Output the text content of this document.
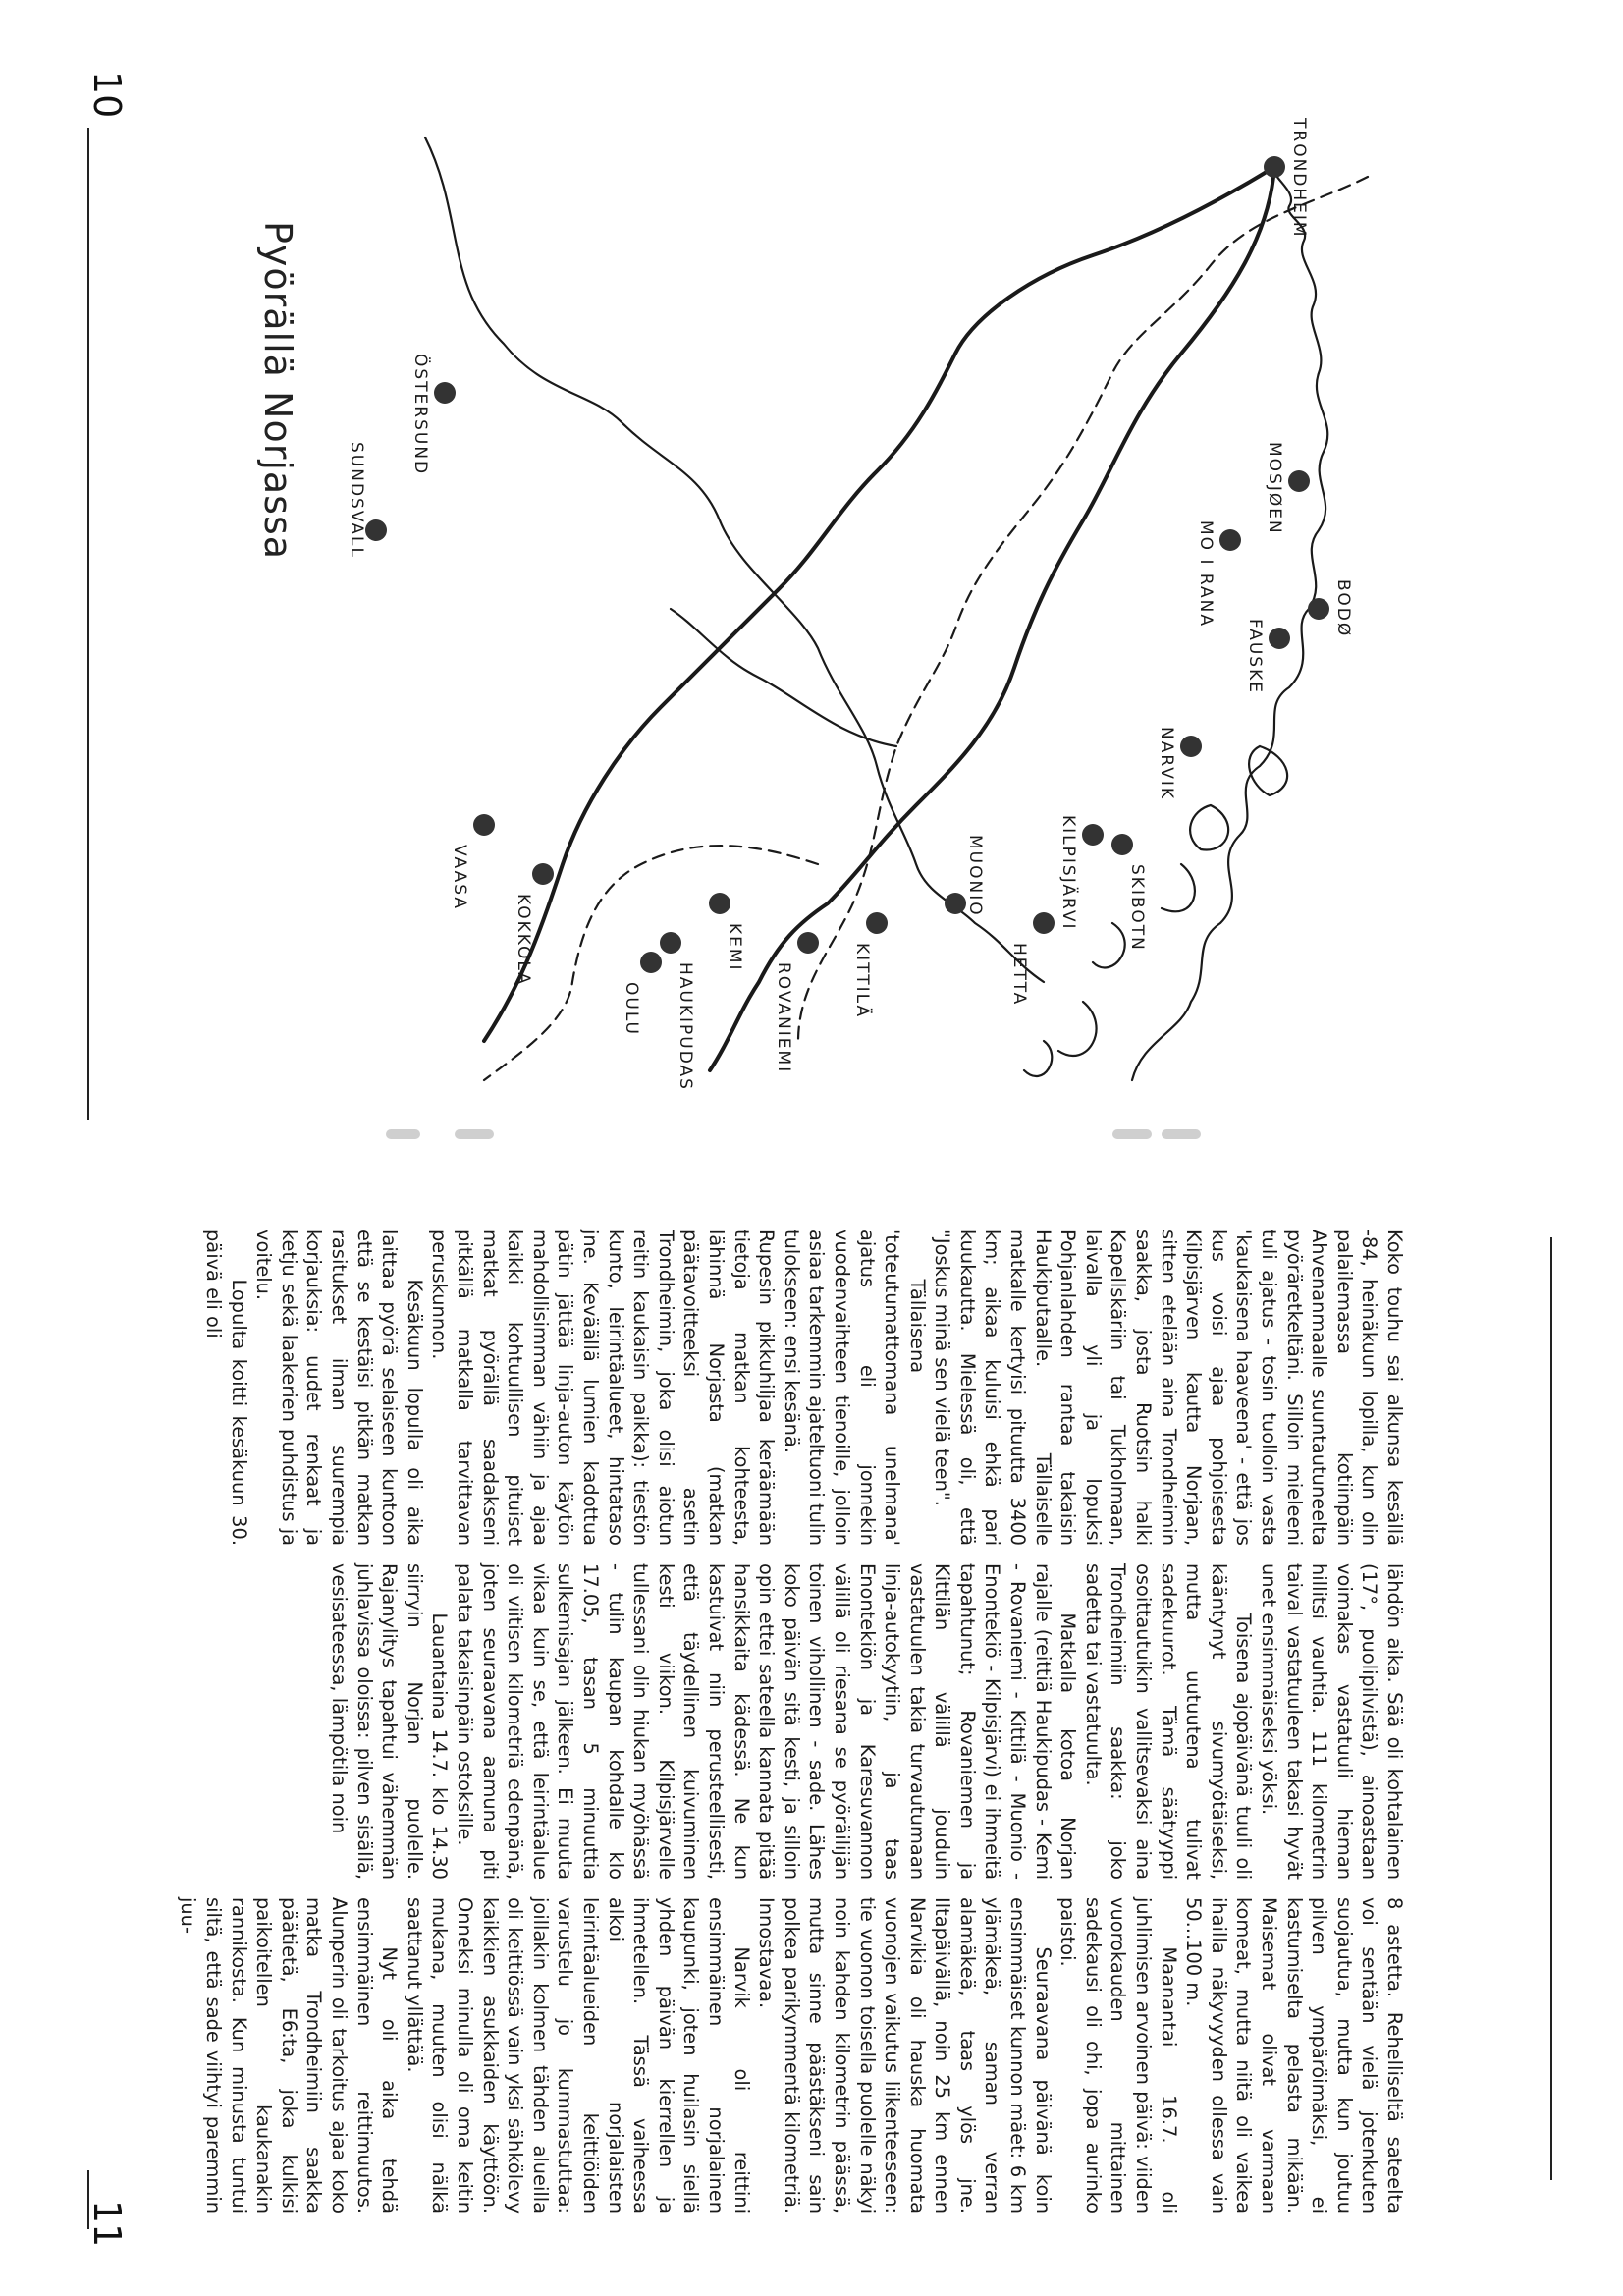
10
Pyörällä Norjassa
TRONDHEIM
MOSJØEN
MO I RANA	BODØ
FAUSKE
NARVIK
SKIBOTN
KILPISJÄRVI
HETTA
MUONIO
KITTILÄ
ROVANIEMI
KEMI
HAUKIPUDAS
OULU
KOKKOLA
VAASA
SUNDSVALL
ÖSTERSUND
11

Koko touhu sai alkunsa kesällä -84, heinäkuun lopilla, kun olin palailemassa kotiinpäin Ahvenanmaalle suuntautuneelta pyöräretkeltäni. Silloin mieleeni tuli ajatus - tosin tuolloin vasta 'kaukaisena haaveena' - että jos kus voisi ajaa pohjoisesta Kilpisjärven kautta Norjaan, sitten etelään aina Trondheimin saakka, josta Ruotsin halki Kapellskäriin tai Tukholmaan, laivalla yli ja lopuksi Pohjanlahden rantaa takaisin Haukiputaalle. Tällaiselle matkalle kertyisi pituutta 3400 km; aikaa kuluisi ehkä pari kuukautta. Mielessä oli, että "Joskus minä sen vielä teen".

Tällaisena 'toteutumattomana unelmana' ajatus eli jonnekin vuodenvaihteen tienoille, jolloin asiaa tarkemmin ajateltuoni tulin tulokseen: ensi kesänä.

Rupesin pikkuhiljaa keräämään tietoja matkan kohteesta, lähinnä Norjasta (matkan päätavoitteeksi asetin Trondheimin, joka olisi aiotun reitin kaukaisin paikka): tiestön kunto, leirintäalueet, hintataso jne. Keväällä lumien kadottua pätin jättää linja-auton käytön mahdollisimman vähiin ja ajaa kaikki kohtuullisen pituiset matkat pyörällä saadakseni pitkällä matkalla tarvittavan peruskunnon.

Kesäkuun lopulla oli aika laittaa pyörä selaiseen kuntoon että se kestäisi pitkän matkan rasitukset ilman suurempia korjauksia: uudet renkaat ja ketju sekä laakerien puhdistus ja voitelu.

Lopulta koitti kesäkuun 30. päivä eli oli

lähdön aika. Sää oli kohtalainen (17°, puolipilvistä), ainoastaan voimakas vastatuuli hieman hillitsi vauhtia. 111 kilometrin taival vastatuuleen takasi hyvät unet ensimmäiseksi yöksi.

Toisena ajopäivänä tuuli oli kääntynyt sivumyötäiseksi, mutta uutuutena tulivat sadekuurot. Tämä säätyyppi osoittautuikin vallitsevaksi aina Trondheimiin saakka: joko sadetta tai vastatuulta.

Matkalla kotoa Norjan rajalle (reittiä Haukipudas - Kemi - Rovaniemi - Kittilä - Muonio - Enontekiö - Kilpisjärvi) ei ihmeitä tapahtunut; Rovaniemen ja Kittilän välillä jouduin vastatuulen takia turvautumaan linja-autokyytiin, ja taas Enontekiön ja Karesuvannon välillä oli riesana se pyöräilijän toinen vihollinen - sade. Lähes koko päivän sitä kesti, ja silloin opin ettei sateella kannata pitää hansikkaita kädessä. Ne kun kastuivat niin perusteellisesti, että täydellinen kuivuminen kesti viikon. Kilpisjärvelle tullessani olin hiukan myöhässä - tulin kaupan kohdalle klo 17.05, tasan 5 minuuttia sulkemisajan jälkeen. Ei muuta vikaa kuin se, että leirintäalue oli viitisen kilometriä edenpänä, joten seuraavana aamuna piti palata takaisinpäin ostoksille.

Lauantaina 14.7. klo 14.30 siirryin Norjan puolelle. Rajanylitys tapahtui vähemmän juhlavissa oloissa: pilven sisällä, vesisateessa, lämpötila noin

8 astetta. Rehelliseltä sateelta voi sentään vielä jotenkuten suojautua, mutta kun joutuu pilven ympäröimäksi, ei kastumiselta pelasta mikään. Maisemat olivat varmaan komeat, mutta niitä oli vaikea ihailla näkyvyyden ollessa vain 50...100 m.

Maanantai 16.7. oli juhlimisen arvoinen päivä: viiden vuorokauden mittainen sadekausi oli ohi, jopa aurinko paistoi.

Seuraavana päivänä koin ensimmäiset kunnon mäet: 6 km ylämäkeä, saman verran alamäkeä, taas ylös jne. Iltapäivällä, noin 25 km ennen Narvikia oli hauska huomata vuonojen vaikutus liikenteeseen: tie vuonon toisella puolelle näkyi noin kahden kilometrin päässä, mutta sinne päästäkseni sain polkea parikymmentä kilometriä. Innostavaa.

Narvik oli reittini ensimmäinen norjalainen kaupunki, joten huilasin siellä yhden päivän kierrellen ja ihmetellen. Tässä vaiheessa alkoi norjalaisten leirintäalueiden keittiöiden varustelu jo kummastuttaa: joillakin kolmen tähden alueilla oli keittiössä vain yksi sähkölevy kaikkien asukkaiden käyttöön. Onneksi minulla oli oma keitin mukana, muuten olisi nälkä saattanut yllättää.

Nyt oli aika tehdä ensimmäinen reittimuutos. Alunperin oli tarkoitus ajaa koko matka Trondheimiin saakka päätietä, E6:ta, joka kulkisi paikoitellen kaukanakin rannikosta. Kun minusta tuntui siltä, että sade viihtyi paremmin juu-
